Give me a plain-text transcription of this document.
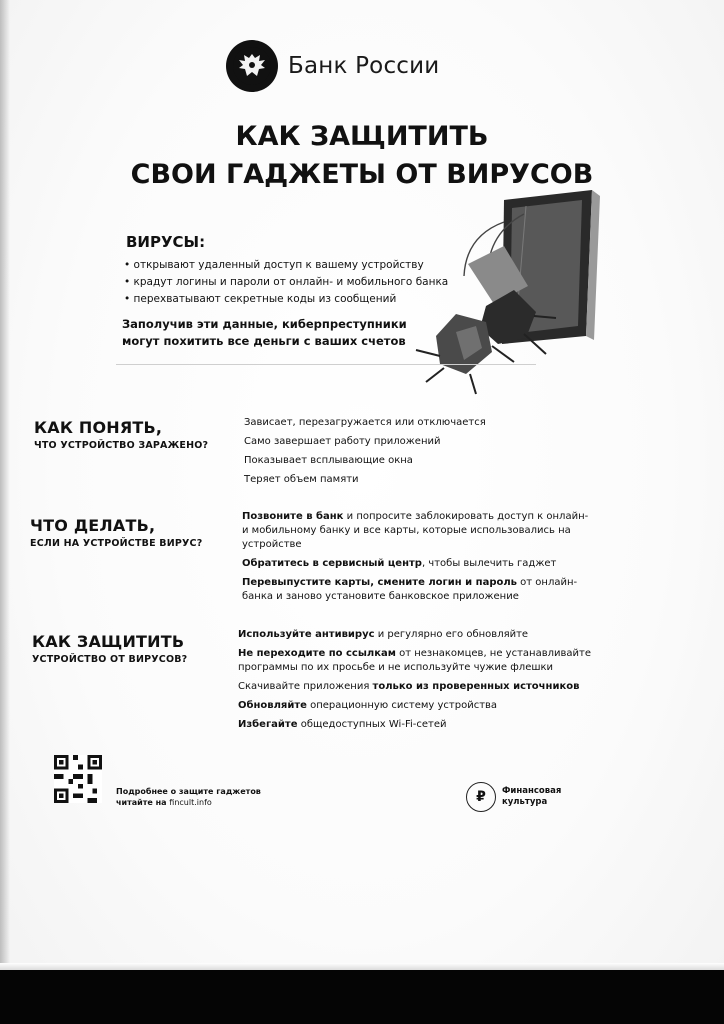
Банк России
КАК ЗАЩИТИТЬ
СВОИ ГАДЖЕТЫ ОТ ВИРУСОВ
ВИРУСЫ:
• открывают удаленный доступ к вашему устройству
• крадут логины и пароли от онлайн- и мобильного банка
• перехватывают секретные коды из сообщений
Заполучив эти данные, киберпреступники могут похитить все деньги с ваших счетов
КАК ПОНЯТЬ,
ЧТО УСТРОЙСТВО ЗАРАЖЕНО?
Зависает, перезагружается или отключается
Само завершает работу приложений
Показывает всплывающие окна
Теряет объем памяти
ЧТО ДЕЛАТЬ,
ЕСЛИ НА УСТРОЙСТВЕ ВИРУС?
Позвоните в банк и попросите заблокировать доступ к онлайн- и мобильному банку и все карты, которые использовались на устройстве
Обратитесь в сервисный центр, чтобы вылечить гаджет
Перевыпустите карты, смените логин и пароль от онлайн-банка и заново установите банковское приложение
КАК ЗАЩИТИТЬ
УСТРОЙСТВО ОТ ВИРУСОВ?
Используйте антивирус и регулярно его обновляйте
Не переходите по ссылкам от незнакомцев, не устанавливайте программы по их просьбе и не используйте чужие флешки
Скачивайте приложения только из проверенных источников
Обновляйте операционную систему устройства
Избегайте общедоступных Wi-Fi-сетей
Подробнее о защите гаджетов
читайте на fincult.info	₽	Финансовая
культура
